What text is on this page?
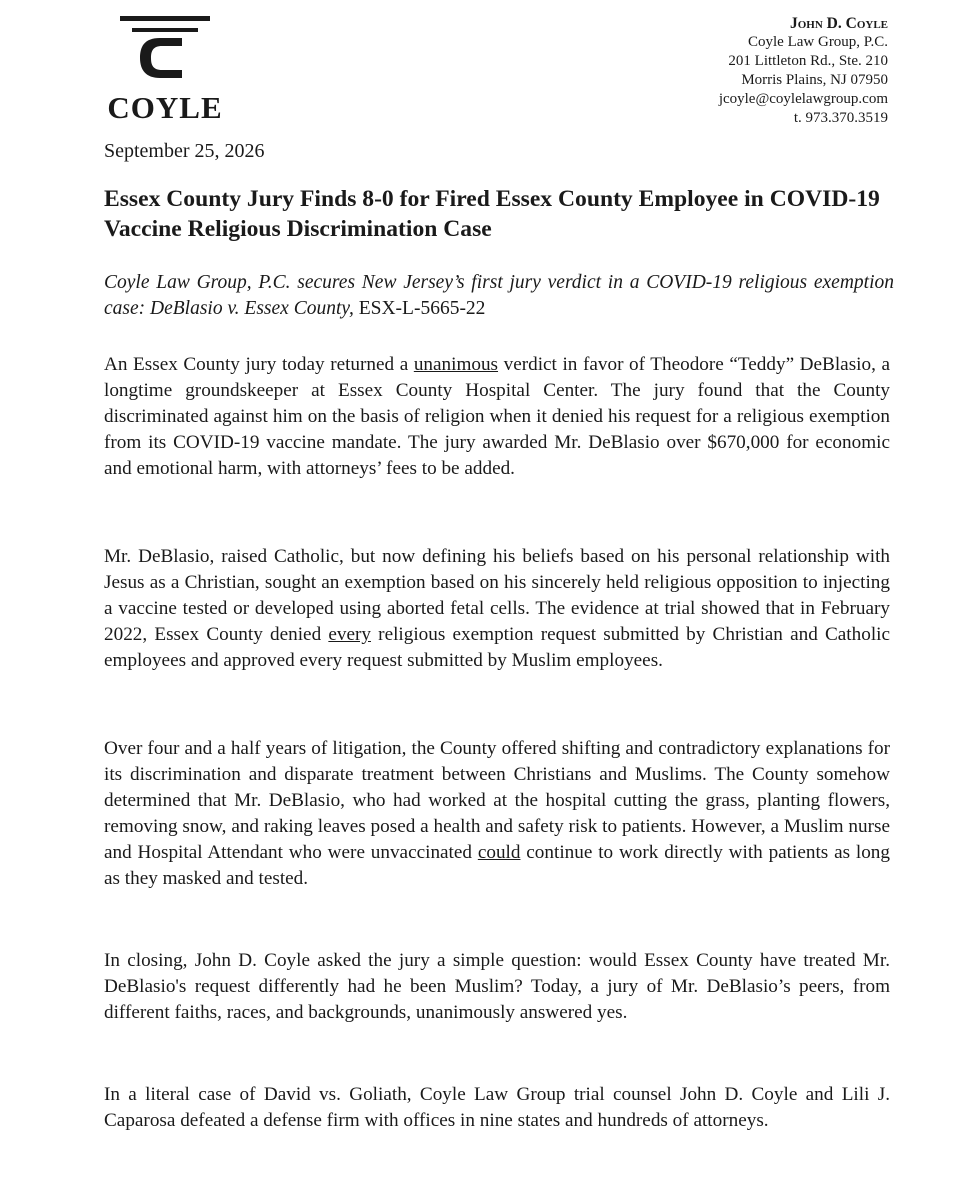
COYLE
John D. Coyle
Coyle Law Group, P.C.
201 Littleton Rd., Ste. 210
Morris Plains, NJ 07950
jcoyle@coylelawgroup.com
t. 973.370.3519
September 25, 2026
Essex County Jury Finds 8-0 for Fired Essex County Employee in COVID-19 Vaccine Religious Discrimination Case

Coyle Law Group, P.C. secures New Jersey’s first jury verdict in a COVID-19 religious exemption case: DeBlasio v. Essex County, ESX-L-5665-22

An Essex County jury today returned a unanimous verdict in favor of Theodore “Teddy” DeBlasio, a longtime groundskeeper at Essex County Hospital Center. The jury found that the County discriminated against him on the basis of religion when it denied his request for a religious exemption from its COVID-19 vaccine mandate. The jury awarded Mr. DeBlasio over $670,000 for economic and emotional harm, with attorneys’ fees to be added.

Mr. DeBlasio, raised Catholic, but now defining his beliefs based on his personal relationship with Jesus as a Christian, sought an exemption based on his sincerely held religious opposition to injecting a vaccine tested or developed using aborted fetal cells. The evidence at trial showed that in February 2022, Essex County denied every religious exemption request submitted by Christian and Catholic employees and approved every request submitted by Muslim employees.

Over four and a half years of litigation, the County offered shifting and contradictory explanations for its discrimination and disparate treatment between Christians and Muslims. The County somehow determined that Mr. DeBlasio, who had worked at the hospital cutting the grass, planting flowers, removing snow, and raking leaves posed a health and safety risk to patients. However, a Muslim nurse and Hospital Attendant who were unvaccinated could continue to work directly with patients as long as they masked and tested.

In closing, John D. Coyle asked the jury a simple question: would Essex County have treated Mr. DeBlasio's request differently had he been Muslim? Today, a jury of Mr. DeBlasio’s peers, from different faiths, races, and backgrounds, unanimously answered yes.

In a literal case of David vs. Goliath, Coyle Law Group trial counsel John D. Coyle and Lili J. Caparosa defeated a defense firm with offices in nine states and hundreds of attorneys.
